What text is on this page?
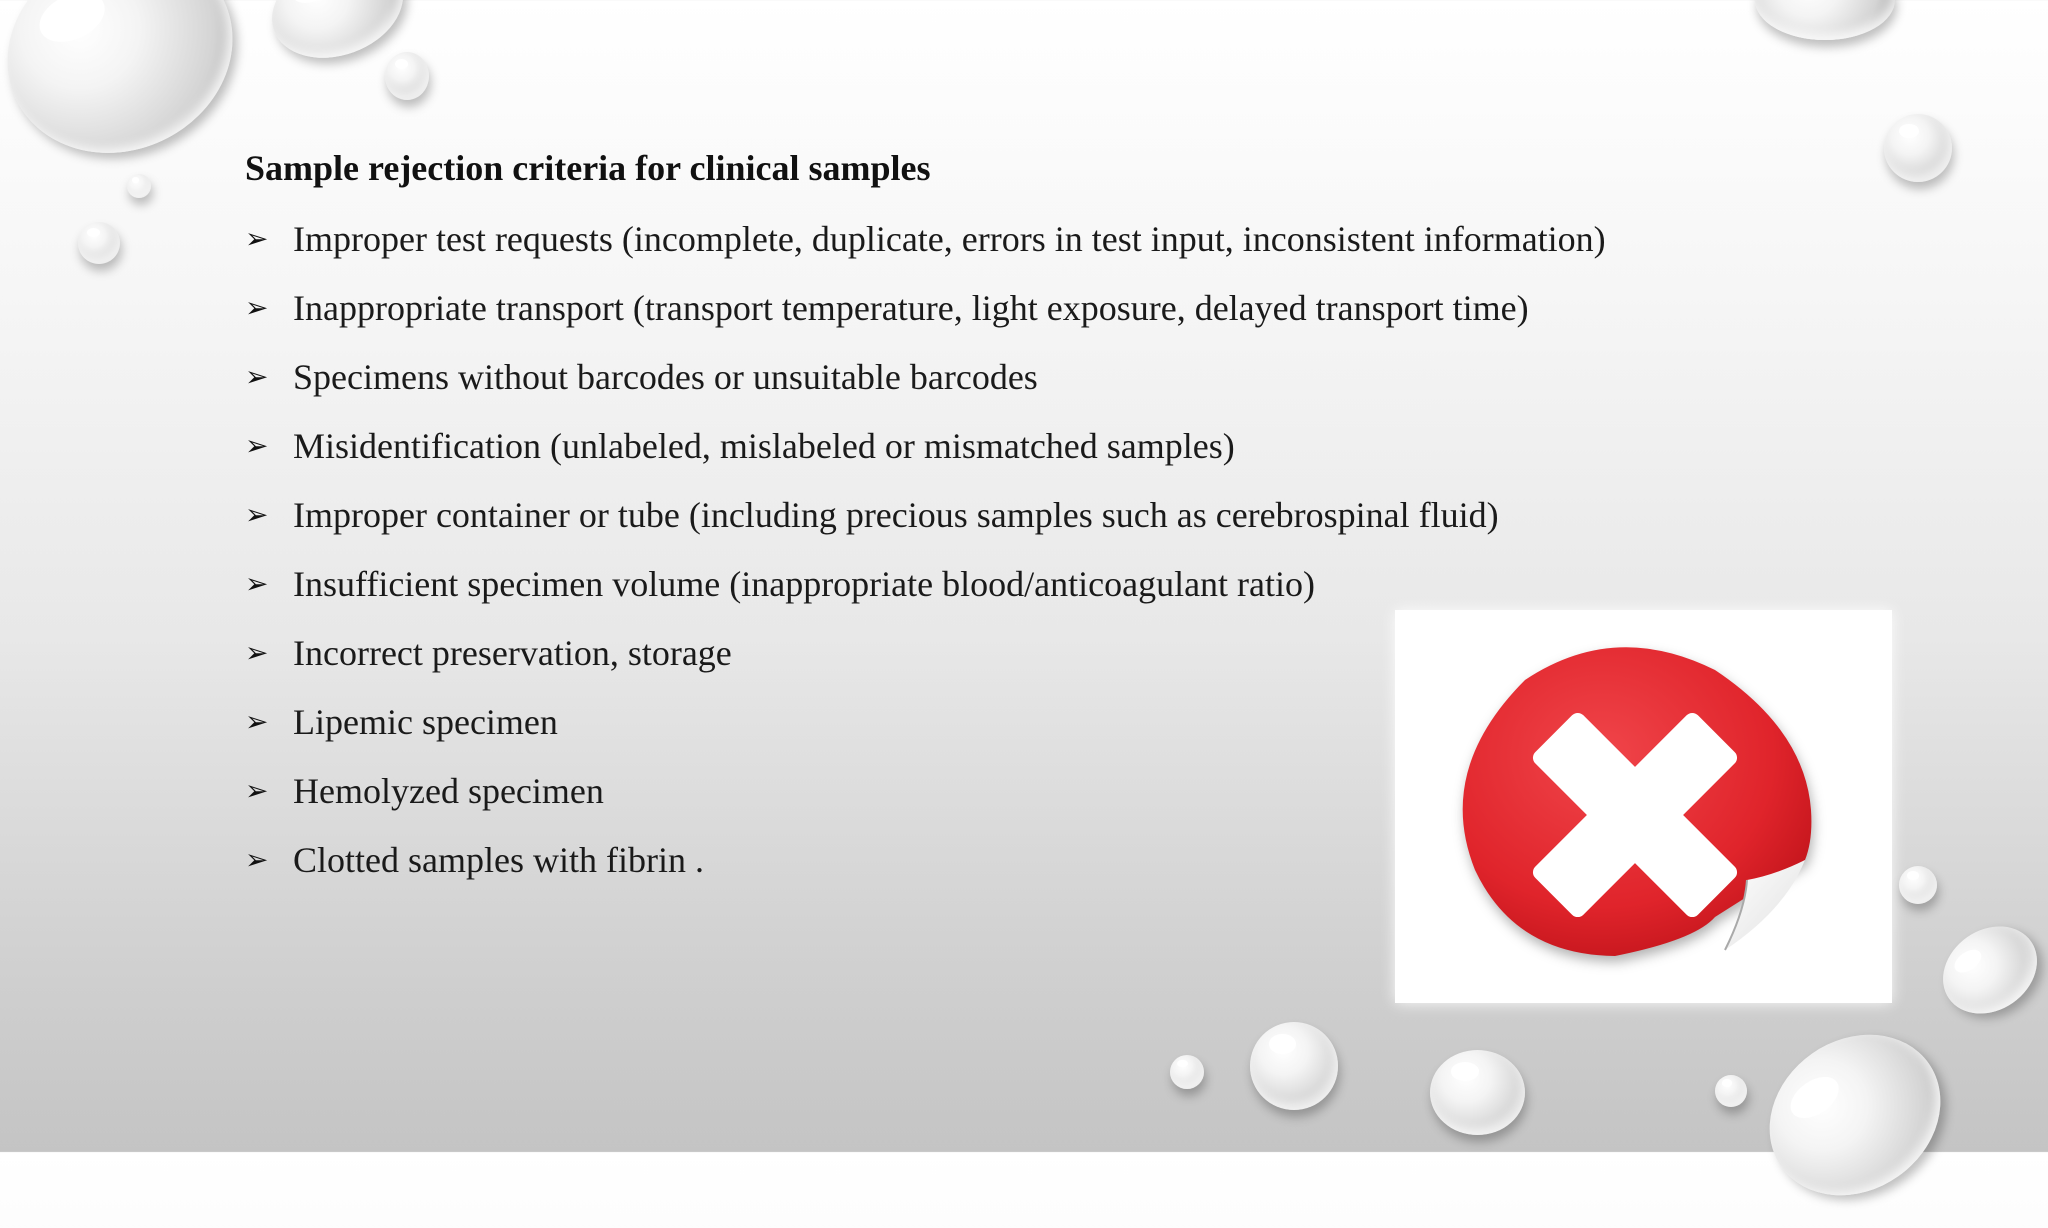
Sample rejection criteria for clinical samples
➢ Improper test requests (incomplete, duplicate, errors in test input, inconsistent information)
➢ Inappropriate transport (transport temperature, light exposure, delayed transport time)
➢ Specimens without barcodes or unsuitable barcodes
➢ Misidentification (unlabeled, mislabeled or mismatched samples)
➢ Improper container or tube (including precious samples such as cerebrospinal fluid)
➢ Insufficient specimen volume (inappropriate blood/anticoagulant ratio)
➢ Incorrect preservation, storage
➢ Lipemic specimen
➢ Hemolyzed specimen
➢ Clotted samples with fibrin .
